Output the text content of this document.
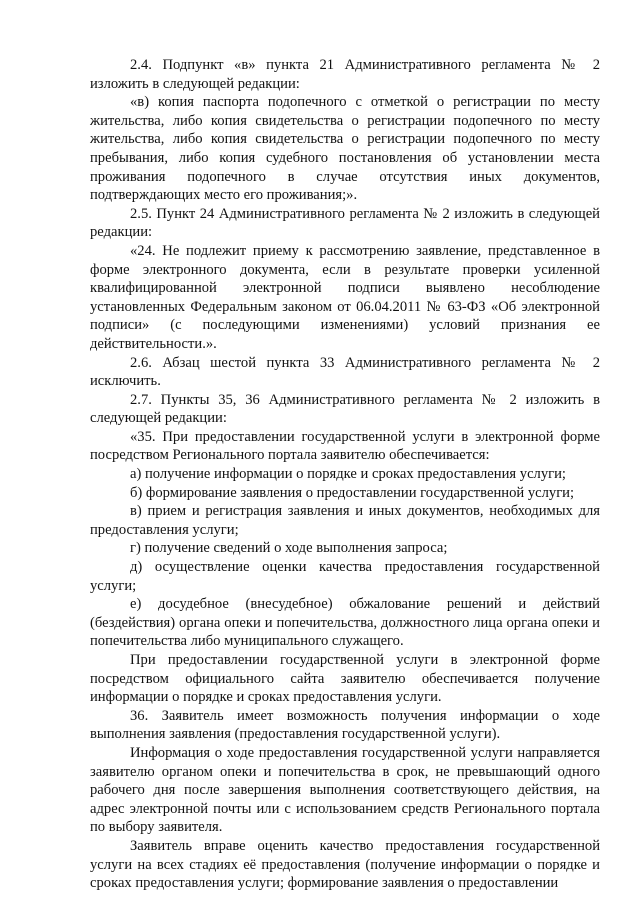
2.4. Подпункт «в» пункта 21 Административного регламента № 2 изложить в следующей редакции:

«в) копия паспорта подопечного с отметкой о регистрации по месту жительства, либо копия свидетельства о регистрации подопечного по месту жительства, либо копия свидетельства о регистрации подопечного по месту пребывания, либо копия судебного постановления об установлении места проживания подопечного в случае отсутствия иных документов, подтверждающих место его проживания;».

2.5. Пункт 24 Административного регламента № 2 изложить в следующей редакции:

«24. Не подлежит приему к рассмотрению заявление, представленное в форме электронного документа, если в результате проверки усиленной квалифицированной электронной подписи выявлено несоблюдение установленных Федеральным законом от 06.04.2011 № 63-ФЗ «Об электронной подписи» (с последующими изменениями) условий признания ее действительности.».

2.6. Абзац шестой пункта 33 Административного регламента № 2 исключить.

2.7. Пункты 35, 36 Административного регламента № 2 изложить в следующей редакции:

«35. При предоставлении государственной услуги в электронной форме посредством Регионального портала заявителю обеспечивается:

а) получение информации о порядке и сроках предоставления услуги;

б) формирование заявления о предоставлении государственной услуги;

в) прием и регистрация заявления и иных документов, необходимых для предоставления услуги;

г) получение сведений о ходе выполнения запроса;

д) осуществление оценки качества предоставления государственной услуги;

е) досудебное (внесудебное) обжалование решений и действий (бездействия) органа опеки и попечительства, должностного лица органа опеки и попечительства либо муниципального служащего.

При предоставлении государственной услуги в электронной форме посредством официального сайта заявителю обеспечивается получение информации о порядке и сроках предоставления услуги.

36. Заявитель имеет возможность получения информации о ходе выполнения заявления (предоставления государственной услуги).

Информация о ходе предоставления государственной услуги направляется заявителю органом опеки и попечительства в срок, не превышающий одного рабочего дня после завершения выполнения соответствующего действия, на адрес электронной почты или с использованием средств Регионального портала по выбору заявителя.

Заявитель вправе оценить качество предоставления государственной услуги на всех стадиях её предоставления (получение информации о порядке и сроках предоставления услуги; формирование заявления о предоставлении
